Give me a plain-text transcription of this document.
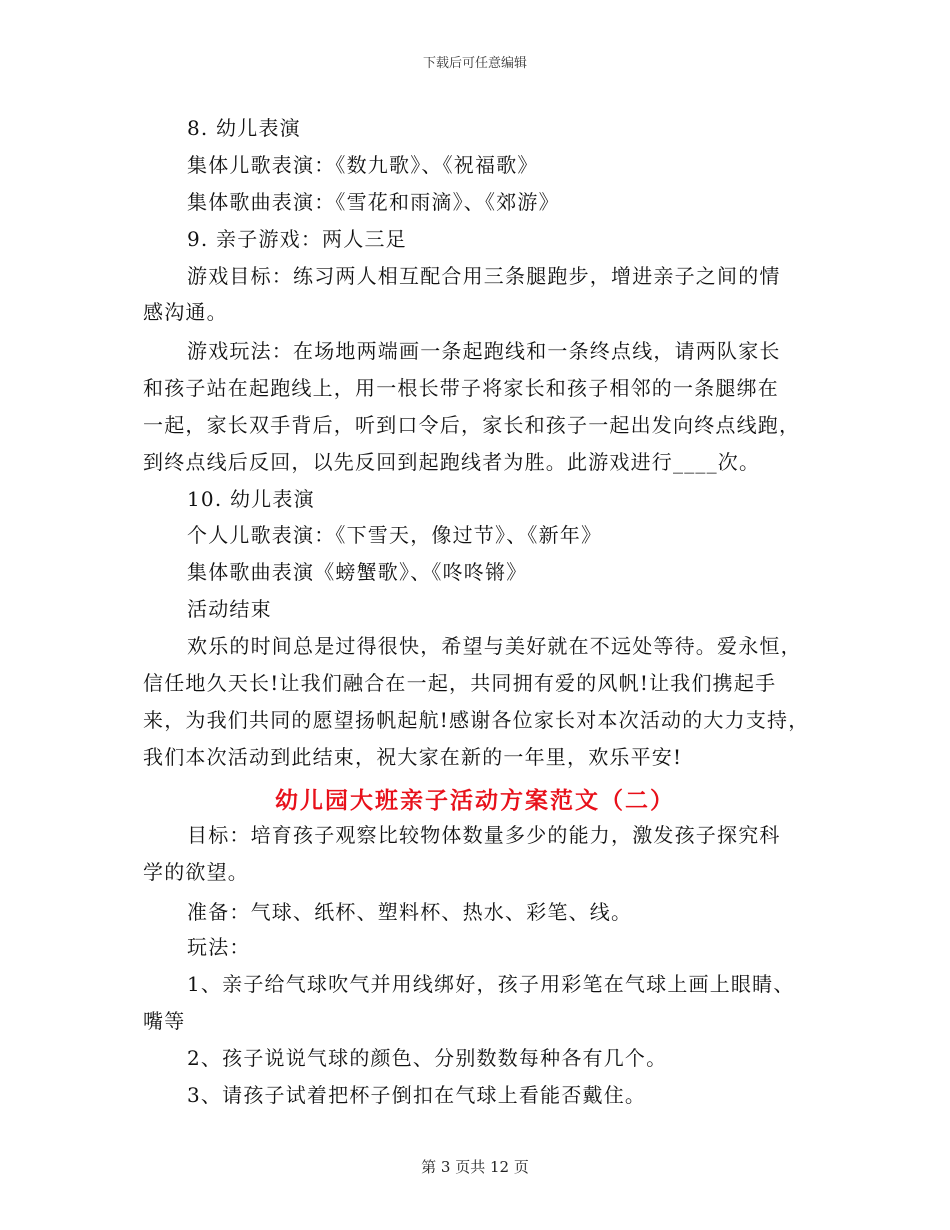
下载后可任意编辑
8. 幼儿表演
集体儿歌表演：《数九歌》、《祝福歌》
集体歌曲表演：《雪花和雨滴》、《郊游》
9. 亲子游戏：两人三足
游戏目标：练习两人相互配合用三条腿跑步，增进亲子之间的情
感沟通。
游戏玩法：在场地两端画一条起跑线和一条终点线，请两队家长
和孩子站在起跑线上，用一根长带子将家长和孩子相邻的一条腿绑在
一起，家长双手背后，听到口令后，家长和孩子一起出发向终点线跑，
到终点线后反回，以先反回到起跑线者为胜。此游戏进行____次。
10. 幼儿表演
个人儿歌表演：《下雪天，像过节》、《新年》
集体歌曲表演《螃蟹歌》、《咚咚锵》
活动结束
欢乐的时间总是过得很快，希望与美好就在不远处等待。爱永恒，
信任地久天长!让我们融合在一起，共同拥有爱的风帆!让我们携起手
来，为我们共同的愿望扬帆起航!感谢各位家长对本次活动的大力支持，
我们本次活动到此结束，祝大家在新的一年里，欢乐平安!
幼儿园大班亲子活动方案范文（二）
目标：培育孩子观察比较物体数量多少的能力，激发孩子探究科
学的欲望。
准备：气球、纸杯、塑料杯、热水、彩笔、线。
玩法：
1、亲子给气球吹气并用线绑好，孩子用彩笔在气球上画上眼睛、
嘴等
2、孩子说说气球的颜色、分别数数每种各有几个。
3、请孩子试着把杯子倒扣在气球上看能否戴住。
第 3 页共 12 页
